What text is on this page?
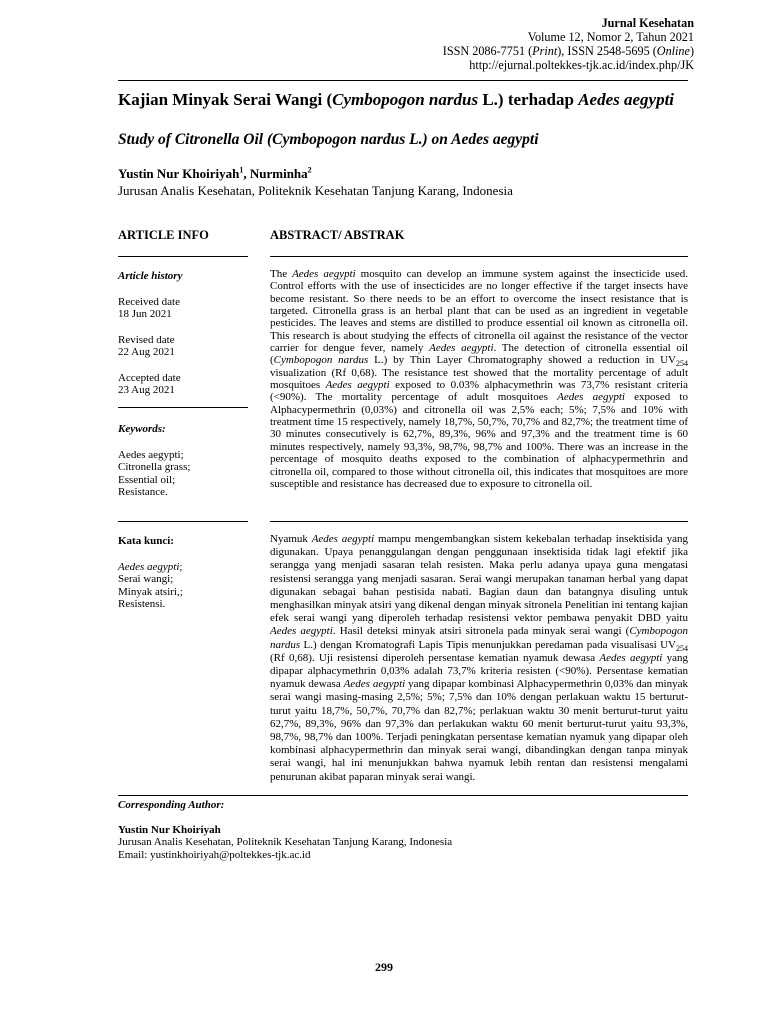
Jurnal Kesehatan
Volume 12, Nomor 2, Tahun 2021
ISSN 2086-7751 (Print), ISSN 2548-5695 (Online)
http://ejurnal.poltekkes-tjk.ac.id/index.php/JK
Kajian Minyak Serai Wangi (Cymbopogon nardus L.) terhadap Aedes aegypti
Study of Citronella Oil (Cymbopogon nardus L.) on Aedes aegypti
Yustin Nur Khoiriyah$^1$, Nurminha$^2$
Jurusan Analis Kesehatan, Politeknik Kesehatan Tanjung Karang, Indonesia
ARTICLE INFO	ABSTRACT/ ABSTRAK
Article history
Received date
18 Jun 2021
Revised date
22 Aug 2021
Accepted date
23 Aug 2021
Keywords:
Aedes aegypti;
Citronella grass;
Essential oil;
Resistance.
The Aedes aegypti mosquito can develop an immune system against the insecticide used. Control efforts with the use of insecticides are no longer effective if the target insects have become resistant. So there needs to be an effort to overcome the insect resistance that is targeted. Citronella grass is an herbal plant that can be used as an ingredient in vegetable pesticides. The leaves and stems are distilled to produce essential oil known as citronella oil. This research is about studying the effects of citronella oil against the resistance of the vector carrier for dengue fever, namely Aedes aegypti. The detection of citronella essential oil (Cymbopogon nardus L.) by Thin Layer Chromatography showed a reduction in $UV_{254}$ visualization (Rf 0,68). The resistance test showed that the mortality percentage of adult mosquitoes Aedes aegypti exposed to 0.03% alphacymethrin was 73,7% resistant criteria (<90%). The mortality percentage of adult mosquitoes Aedes aegypti exposed to Alphacypermethrin (0,03%) and citronella oil was 2,5% each; 5%; 7,5% and 10% with treatment time 15 respectively, namely 18,7%, 50,7%, 70,7% and 82,7%; the treatment time of 30 minutes consecutively is 62,7%, 89,3%, 96% and 97,3% and the treatment time is 60 minutes respectively, namely 93,3%, 98,7%, 98,7% and 100%. There was an increase in the percentage of mosquito deaths exposed to the combination of alphacypermethrin and citronella oil, compared to those without citronella oil, this indicates that mosquitoes are more susceptible and resistance has decreased due to exposure to citronella oil.
Kata kunci:
Aedes aegypti;
Serai wangi;
Minyak atsiri,;
Resistensi.
Nyamuk Aedes aegypti mampu mengembangkan sistem kekebalan terhadap insektisida yang digunakan. Upaya penanggulangan dengan penggunaan insektisida tidak lagi efektif jika serangga yang menjadi sasaran telah resisten. Maka perlu adanya upaya guna mengatasi resistensi serangga yang menjadi sasaran. Serai wangi merupakan tanaman herbal yang dapat digunakan sebagai bahan pestisida nabati. Bagian daun dan batangnya disuling untuk menghasilkan minyak atsiri yang dikenal dengan minyak sitronela Penelitian ini tentang kajian efek serai wangi yang diperoleh terhadap resistensi vektor pembawa penyakit DBD yaitu Aedes aegypti. Hasil deteksi minyak atsiri sitronela pada minyak serai wangi (Cymbopogon nardus L.) dengan Kromatografi Lapis Tipis menunjukkan peredaman pada visualisasi $UV_{254}$ (Rf 0,68). Uji resistensi diperoleh persentase kematian nyamuk dewasa Aedes aegypti yang dipapar alphacymethrin 0,03% adalah 73,7% kriteria resisten (<90%). Persentase kematian nyamuk dewasa Aedes aegypti yang dipapar kombinasi Alphacypermethrin 0,03% dan minyak serai wangi masing-masing 2,5%; 5%; 7,5% dan 10% dengan perlakuan waktu 15 berturut-turut yaitu 18,7%, 50,7%, 70,7% dan 82,7%; perlakuan waktu 30 menit berturut-turut yaitu 62,7%, 89,3%, 96% dan 97,3% dan perlakukan waktu 60 menit berturut-turut yaitu 93,3%, 98,7%, 98,7% dan 100%. Terjadi peningkatan persentase kematian nyamuk yang dipapar oleh kombinasi alphacypermethrin dan minyak serai wangi, dibandingkan dengan tanpa minyak serai wangi, hal ini menunjukkan bahwa nyamuk lebih rentan dan resistensi mengalami penurunan akibat paparan minyak serai wangi.
Corresponding Author:
Yustin Nur Khoiriyah
Jurusan Analis Kesehatan, Politeknik Kesehatan Tanjung Karang, Indonesia
Email: yustinkhoiriyah@poltekkes-tjk.ac.id
299
